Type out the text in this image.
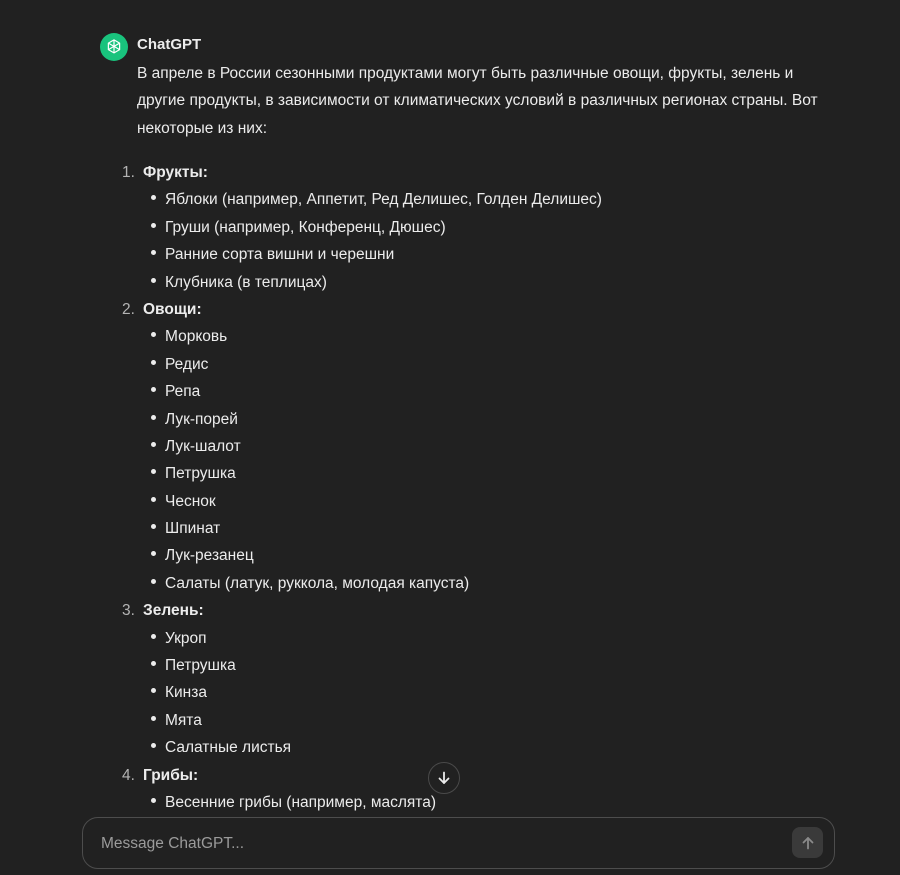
ChatGPT
В апреле в России сезонными продуктами могут быть различные овощи, фрукты, зелень и другие продукты, в зависимости от климатических условий в различных регионах страны. Вот некоторые из них:
1. Фрукты:
Яблоки (например, Аппетит, Ред Делишес, Голден Делишес)
Груши (например, Конференц, Дюшес)
Ранние сорта вишни и черешни
Клубника (в теплицах)
2. Овощи:
Морковь
Редис
Репа
Лук-порей
Лук-шалот
Петрушка
Чеснок
Шпинат
Лук-резанец
Салаты (латук, руккола, молодая капуста)
3. Зелень:
Укроп
Петрушка
Кинза
Мята
Салатные листья
4. Грибы:
Весенние грибы (например, маслята)
Message ChatGPT...
